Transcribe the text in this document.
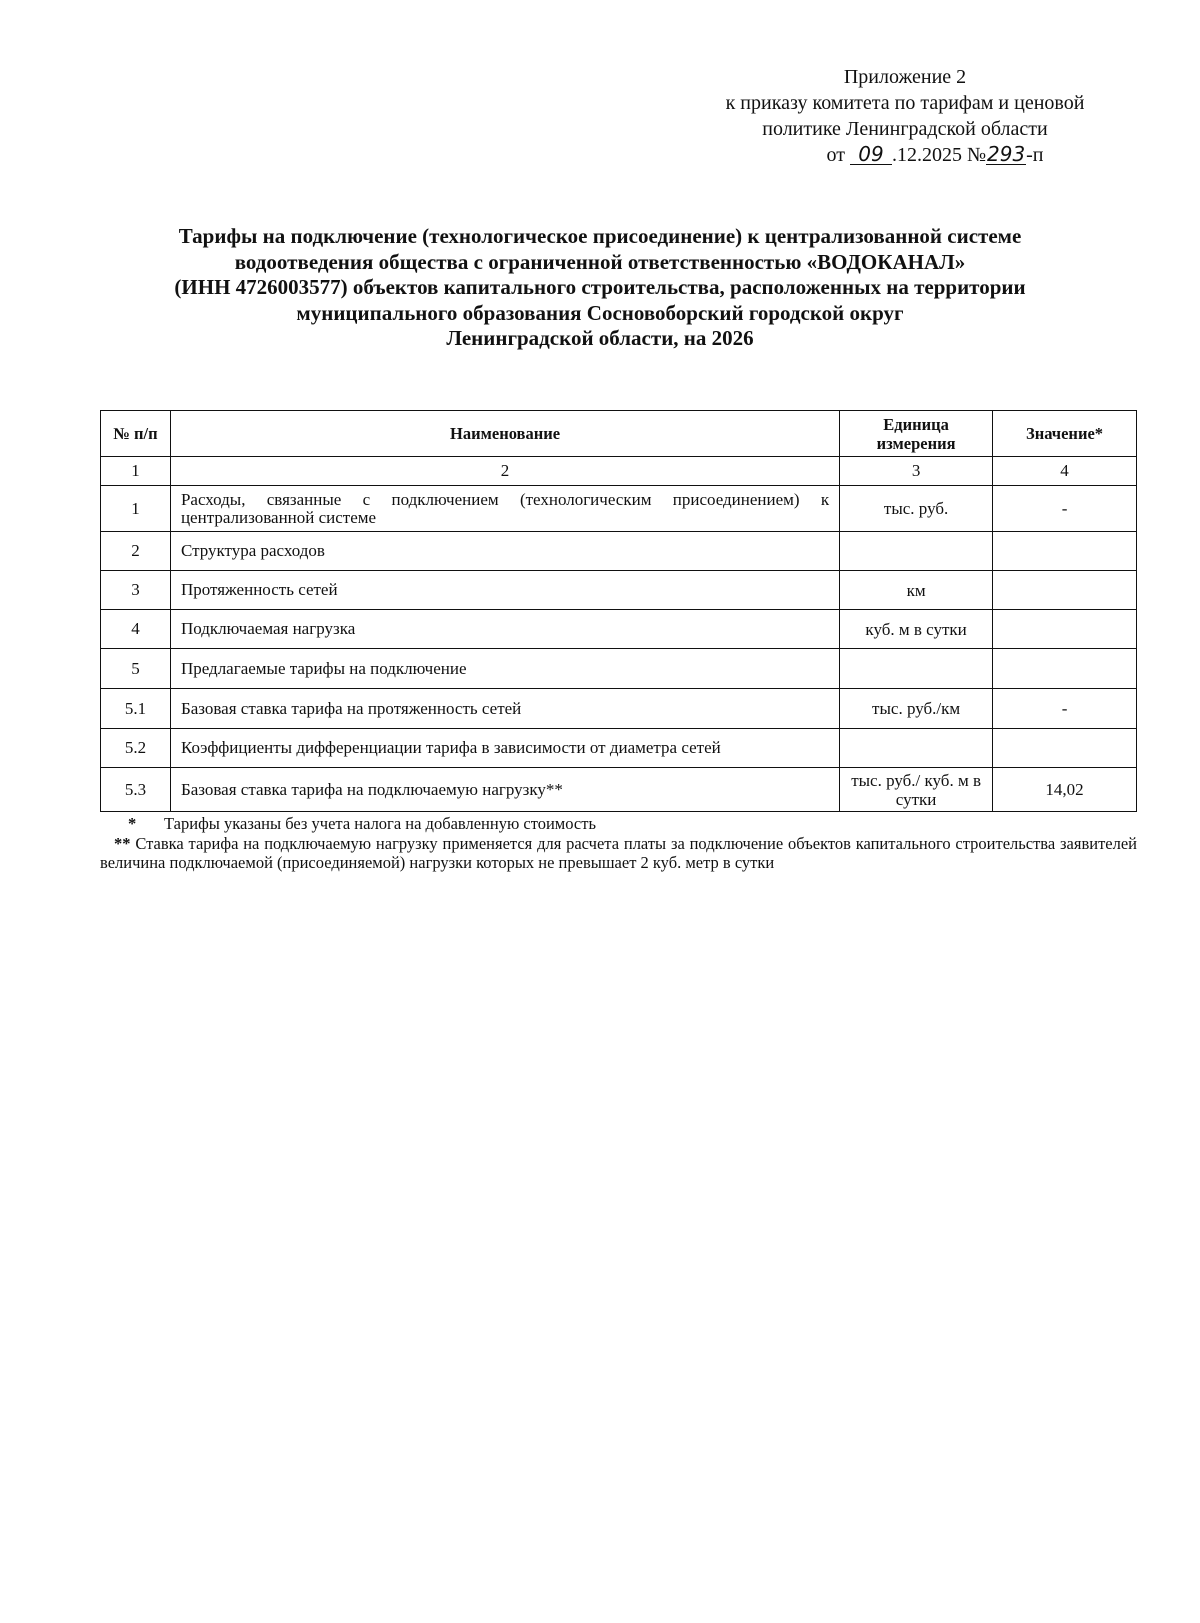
Приложение 2
к приказу комитета по тарифам и ценовой
политике Ленинградской области
от 09 .12.2025 №293-п
Тарифы на подключение (технологическое присоединение) к централизованной системе
водоотведения общества с ограниченной ответственностью «ВОДОКАНАЛ»
(ИНН 4726003577) объектов капитального строительства, расположенных на территории
муниципального образования Сосновоборский городской округ
Ленинградской области, на 2026
№ п/п	Наименование	Единица измерения	Значение*
1	2	3	4
1	Расходы, связанные с подключением (технологическим присоединением) к централизованной системе	тыс. руб.	-
2	Структура расходов		
3	Протяженность сетей	км	
4	Подключаемая нагрузка	куб. м в сутки	
5	Предлагаемые тарифы на подключение		
5.1	Базовая ставка тарифа на протяженность сетей	тыс. руб./км	-
5.2	Коэффициенты дифференциации тарифа в зависимости от диаметра сетей		
5.3	Базовая ставка тарифа на подключаемую нагрузку**	тыс. руб./ куб. м в сутки	14,02
* Тарифы указаны без учета налога на добавленную стоимость
** Ставка тарифа на подключаемую нагрузку применяется для расчета платы за подключение объектов капитального строительства заявителей величина подключаемой (присоединяемой) нагрузки которых не превышает 2 куб. метр в сутки
